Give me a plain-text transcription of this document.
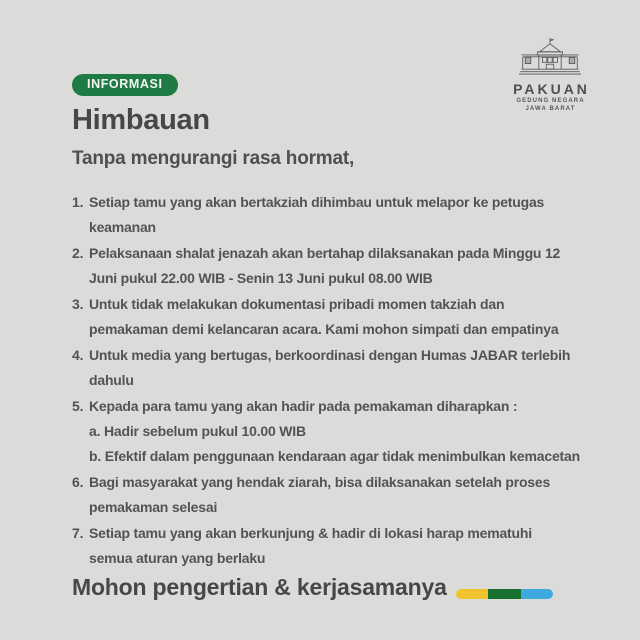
INFORMASI	PAKUAN
GEDUNG NEGARA
JAWA BARAT
Himbauan
Tanpa mengurangi rasa hormat,
1. Setiap tamu yang akan bertakziah dihimbau untuk melapor ke petugas
keamanan
2. Pelaksanaan shalat jenazah akan bertahap dilaksanakan pada Minggu 12
Juni pukul 22.00 WIB - Senin 13 Juni pukul 08.00 WIB
3. Untuk tidak melakukan dokumentasi pribadi momen takziah dan
pemakaman demi kelancaran acara. Kami mohon simpati dan empatinya
4. Untuk media yang bertugas, berkoordinasi dengan Humas JABAR terlebih
dahulu
5. Kepada para tamu yang akan hadir pada pemakaman diharapkan :
a. Hadir sebelum pukul 10.00 WIB
b. Efektif dalam penggunaan kendaraan agar tidak menimbulkan kemacetan
6. Bagi masyarakat yang hendak ziarah, bisa dilaksanakan setelah proses
pemakaman selesai
7. Setiap tamu yang akan berkunjung & hadir di lokasi harap mematuhi
semua aturan yang berlaku
Mohon pengertian & kerjasamanya
